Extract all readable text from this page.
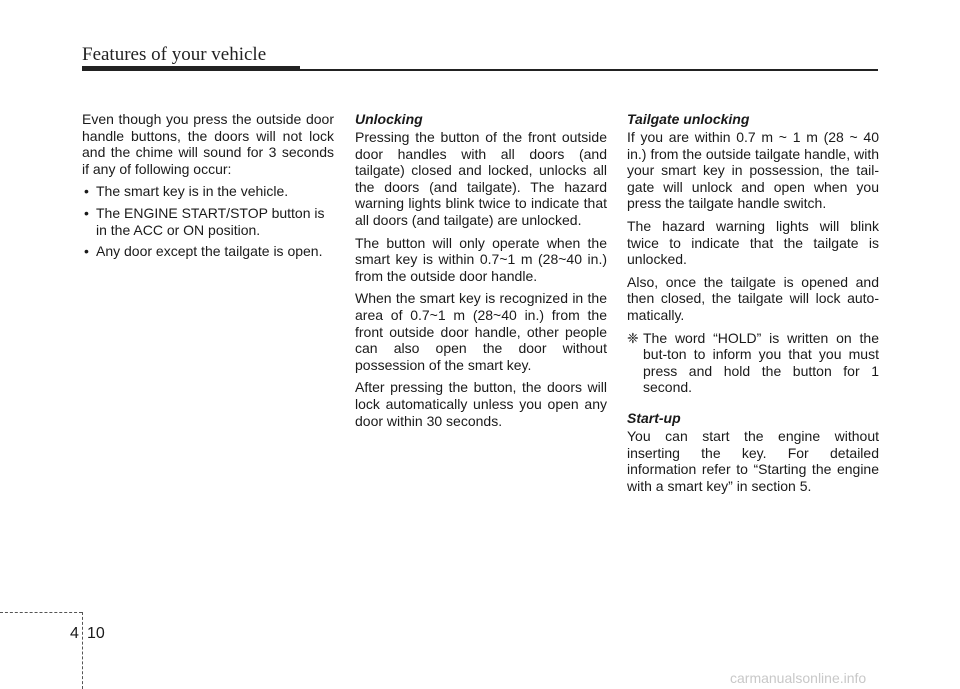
Features of your vehicle

Even though you press the outside door handle buttons, the doors will not lock and the chime will sound for 3 seconds if any of following occur:

• The smart key is in the vehicle.
• The ENGINE START/STOP button is in the ACC or ON position.
• Any door except the tailgate is open.
Unlocking

Pressing the button of the front outside door handles with all doors (and tailgate) closed and locked, unlocks all the doors (and tailgate). The hazard warning lights blink twice to indicate that all doors (and tailgate) are unlocked.

The button will only operate when the smart key is within 0.7~1 m (28~40 in.) from the outside door handle.

When the smart key is recognized in the area of 0.7~1 m (28~40 in.) from the front outside door handle, other people can also open the door without possession of the smart key.

After pressing the button, the doors will lock automatically unless you open any door within 30 seconds.

Tailgate unlocking

If you are within 0.7 m ~ 1 m (28 ~ 40 in.) from the outside tailgate handle, with your smart key in possession, the tail-gate will unlock and open when you press the tailgate handle switch.

The hazard warning lights will blink twice to indicate that the tailgate is unlocked.

Also, once the tailgate is opened and then closed, the tailgate will lock auto-matically.

❈ The word “HOLD” is written on the but-ton to inform you that you must press and hold the button for 1 second.
Start-up

You can start the engine without inserting the key. For detailed information refer to “Starting the engine with a smart key” in section 5.

4 10
carmanualsonline.info
